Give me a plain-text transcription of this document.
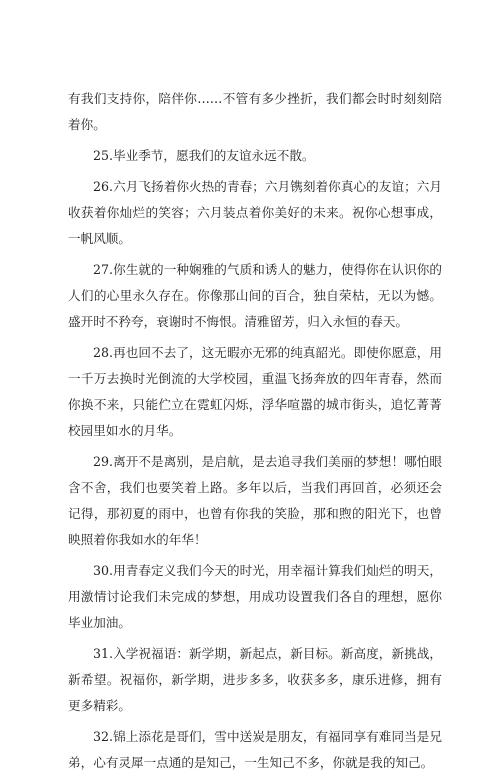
有我们支持你，陪伴你……不管有多少挫折，我们都会时时刻刻陪着你。

25.毕业季节，愿我们的友谊永远不散。

26.六月飞扬着你火热的青春；六月镌刻着你真心的友谊；六月收获着你灿烂的笑容；六月装点着你美好的未来。祝你心想事成，一帆风顺。

27.你生就的一种娴雅的气质和诱人的魅力，使得你在认识你的人们的心里永久存在。你像那山间的百合，独自荣枯，无以为憾。盛开时不矜夸，衰谢时不悔恨。清雅留芳，归入永恒的春天。

28.再也回不去了，这无暇亦无邪的纯真韶光。即使你愿意，用一千万去换时光倒流的大学校园，重温飞扬奔放的四年青春，然而你换不来，只能伫立在霓虹闪烁，浮华喧嚣的城市街头，追忆菁菁校园里如水的月华。

29.离开不是离别，是启航，是去追寻我们美丽的梦想！哪怕眼含不舍，我们也要笑着上路。多年以后，当我们再回首，必须还会记得，那初夏的雨中，也曾有你我的笑脸，那和煦的阳光下，也曾映照着你我如水的年华！

30.用青春定义我们今天的时光，用幸福计算我们灿烂的明天，用激情讨论我们未完成的梦想，用成功设置我们各自的理想，愿你毕业加油。

31.入学祝福语：新学期，新起点，新目标。新高度，新挑战，新希望。祝福你，新学期，进步多多，收获多多，康乐进修，拥有更多精彩。

32.锦上添花是哥们，雪中送炭是朋友，有福同享有难同当是兄弟，心有灵犀一点通的是知己，一生知己不多，你就是我的知己。
